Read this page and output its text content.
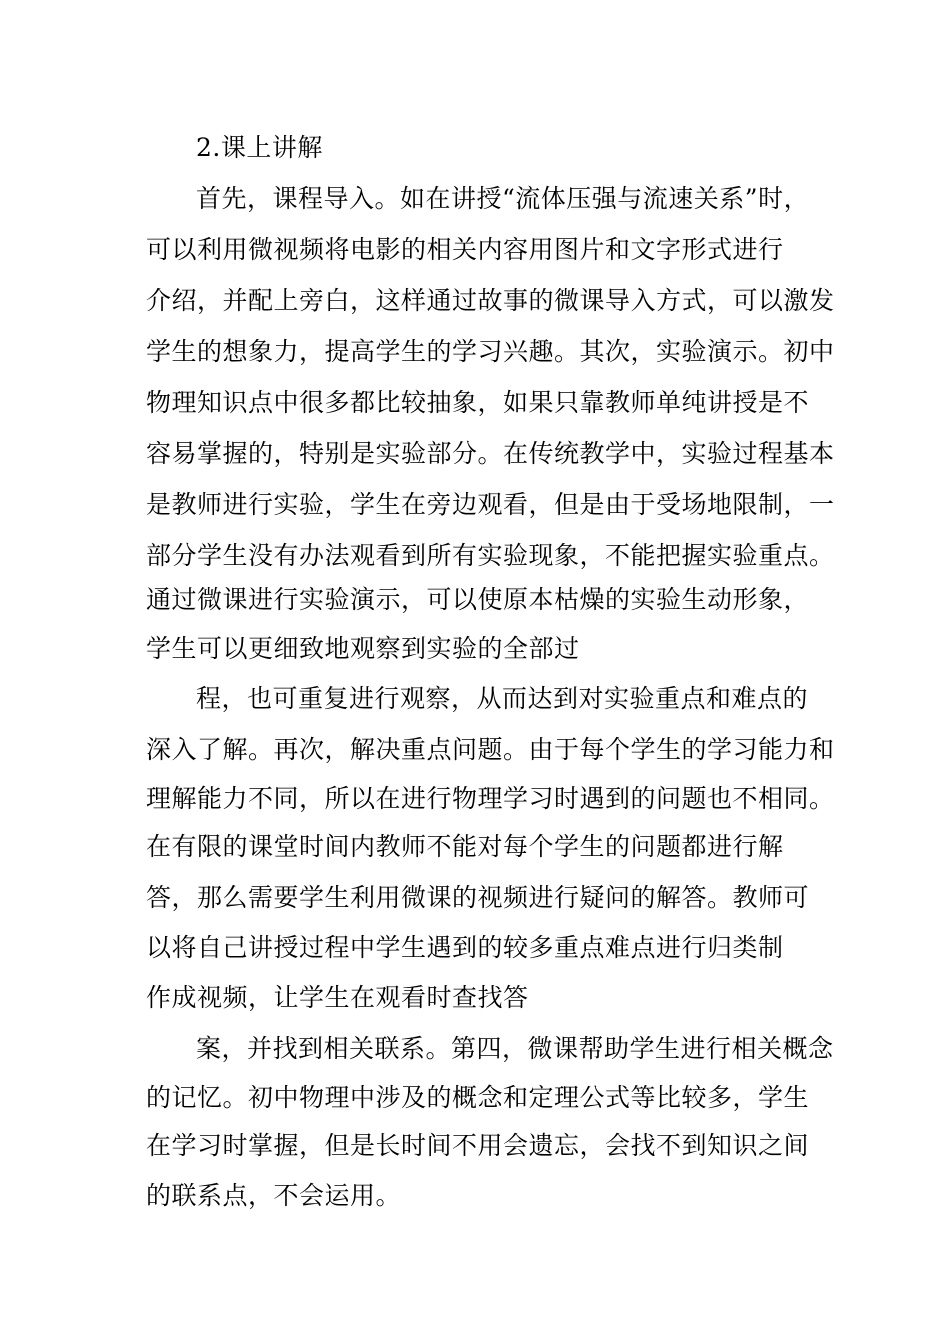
2.课上讲解
首先，课程导入。如在讲授“流体压强与流速关系”时，
可以利用微视频将电影的相关内容用图片和文字形式进行
介绍，并配上旁白，这样通过故事的微课导入方式，可以激发
学生的想象力，提高学生的学习兴趣。其次，实验演示。初中
物理知识点中很多都比较抽象，如果只靠教师单纯讲授是不
容易掌握的，特别是实验部分。在传统教学中，实验过程基本
是教师进行实验，学生在旁边观看，但是由于受场地限制，一
部分学生没有办法观看到所有实验现象，不能把握实验重点。
通过微课进行实验演示，可以使原本枯燥的实验生动形象，
学生可以更细致地观察到实验的全部过
程，也可重复进行观察，从而达到对实验重点和难点的
深入了解。再次，解决重点问题。由于每个学生的学习能力和
理解能力不同，所以在进行物理学习时遇到的问题也不相同。
在有限的课堂时间内教师不能对每个学生的问题都进行解
答，那么需要学生利用微课的视频进行疑问的解答。教师可
以将自己讲授过程中学生遇到的较多重点难点进行归类制
作成视频，让学生在观看时查找答
案，并找到相关联系。第四，微课帮助学生进行相关概念
的记忆。初中物理中涉及的概念和定理公式等比较多，学生
在学习时掌握，但是长时间不用会遗忘，会找不到知识之间
的联系点，不会运用。
